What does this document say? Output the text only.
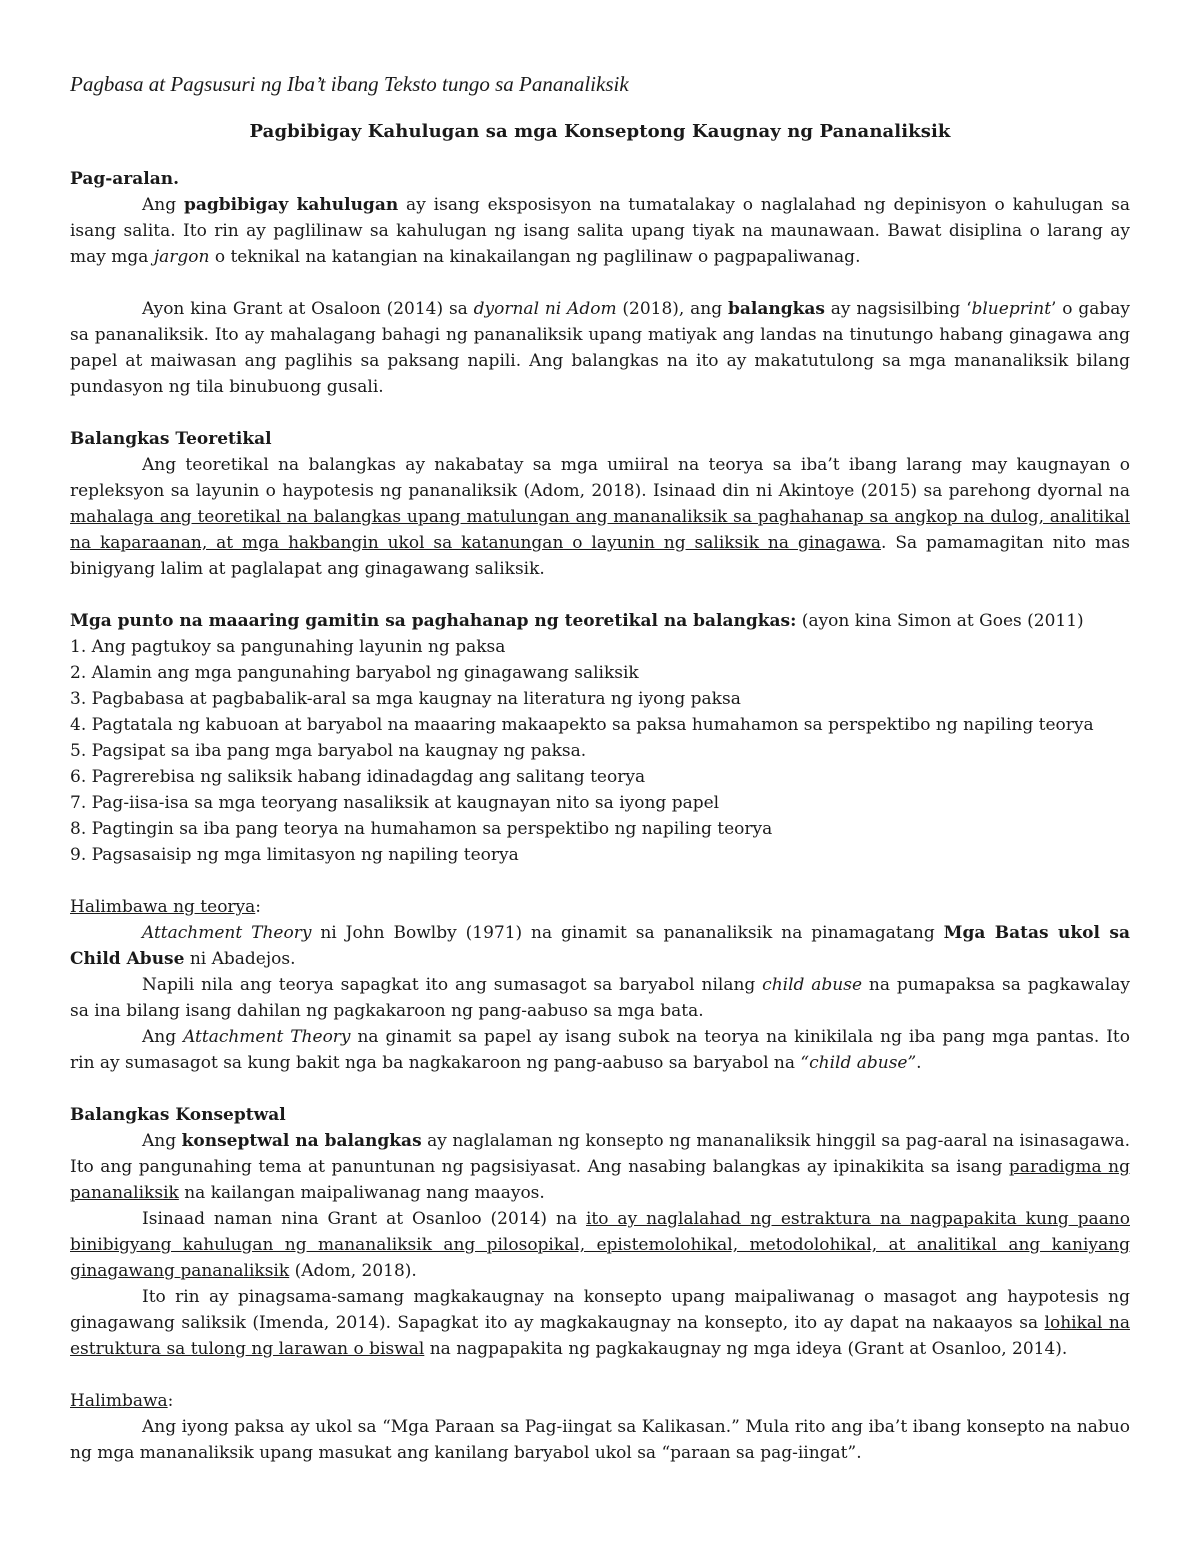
Pagbasa at Pagsusuri ng Iba’t ibang Teksto tungo sa Pananaliksik
Pagbibigay Kahulugan sa mga Konseptong Kaugnay ng Pananaliksik
Pag-aralan.

Ang pagbibigay kahulugan ay isang eksposisyon na tumatalakay o naglalahad ng depinisyon o kahulugan sa isang salita. Ito rin ay paglilinaw sa kahulugan ng isang salita upang tiyak na maunawaan. Bawat disiplina o larang ay may mga jargon o teknikal na katangian na kinakailangan ng paglilinaw o pagpapaliwanag.

Ayon kina Grant at Osaloon (2014) sa dyornal ni Adom (2018), ang balangkas ay nagsisilbing ‘blueprint’ o gabay sa pananaliksik. Ito ay mahalagang bahagi ng pananaliksik upang matiyak ang landas na tinutungo habang ginagawa ang papel at maiwasan ang paglihis sa paksang napili. Ang balangkas na ito ay makatutulong sa mga mananaliksik bilang pundasyon ng tila binubuong gusali.

Balangkas Teoretikal

Ang teoretikal na balangkas ay nakabatay sa mga umiiral na teorya sa iba’t ibang larang may kaugnayan o repleksyon sa layunin o haypotesis ng pananaliksik (Adom, 2018). Isinaad din ni Akintoye (2015) sa parehong dyornal na mahalaga ang teoretikal na balangkas upang matulungan ang mananaliksik sa paghahanap sa angkop na dulog, analitikal na kaparaanan, at mga hakbangin ukol sa katanungan o layunin ng saliksik na ginagawa. Sa pamamagitan nito mas binigyang lalim at paglalapat ang ginagawang saliksik.

Mga punto na maaaring gamitin sa paghahanap ng teoretikal na balangkas: (ayon kina Simon at Goes (2011)

1. Ang pagtukoy sa pangunahing layunin ng paksa
2. Alamin ang mga pangunahing baryabol ng ginagawang saliksik
3. Pagbabasa at pagbabalik-aral sa mga kaugnay na literatura ng iyong paksa
4. Pagtatala ng kabuoan at baryabol na maaaring makaapekto sa paksa humahamon sa perspektibo ng napiling teorya
5. Pagsipat sa iba pang mga baryabol na kaugnay ng paksa.
6. Pagrerebisa ng saliksik habang idinadagdag ang salitang teorya
7. Pag-iisa-isa sa mga teoryang nasaliksik at kaugnayan nito sa iyong papel
8. Pagtingin sa iba pang teorya na humahamon sa perspektibo ng napiling teorya
9. Pagsasaisip ng mga limitasyon ng napiling teorya

Halimbawa ng teorya:

Attachment Theory ni John Bowlby (1971) na ginamit sa pananaliksik na pinamagatang Mga Batas ukol sa Child Abuse ni Abadejos.

Napili nila ang teorya sapagkat ito ang sumasagot sa baryabol nilang child abuse na pumapaksa sa pagkawalay sa ina bilang isang dahilan ng pagkakaroon ng pang-aabuso sa mga bata.

Ang Attachment Theory na ginamit sa papel ay isang subok na teorya na kinikilala ng iba pang mga pantas. Ito rin ay sumasagot sa kung bakit nga ba nagkakaroon ng pang-aabuso sa baryabol na “child abuse”.

Balangkas Konseptwal

Ang konseptwal na balangkas ay naglalaman ng konsepto ng mananaliksik hinggil sa pag-aaral na isinasagawa. Ito ang pangunahing tema at panuntunan ng pagsisiyasat. Ang nasabing balangkas ay ipinakikita sa isang paradigma ng pananaliksik na kailangan maipaliwanag nang maayos.

Isinaad naman nina Grant at Osanloo (2014) na ito ay naglalahad ng estraktura na nagpapakita kung paano binibigyang kahulugan ng mananaliksik ang pilosopikal, epistemolohikal, metodolohikal, at analitikal ang kaniyang ginagawang pananaliksik (Adom, 2018).

Ito rin ay pinagsama-samang magkakaugnay na konsepto upang maipaliwanag o masagot ang haypotesis ng ginagawang saliksik (Imenda, 2014). Sapagkat ito ay magkakaugnay na konsepto, ito ay dapat na nakaayos sa lohikal na estruktura sa tulong ng larawan o biswal na nagpapakita ng pagkakaugnay ng mga ideya (Grant at Osanloo, 2014).

Halimbawa:

Ang iyong paksa ay ukol sa “Mga Paraan sa Pag-iingat sa Kalikasan.” Mula rito ang iba’t ibang konsepto na nabuo ng mga mananaliksik upang masukat ang kanilang baryabol ukol sa “paraan sa pag-iingat”.
